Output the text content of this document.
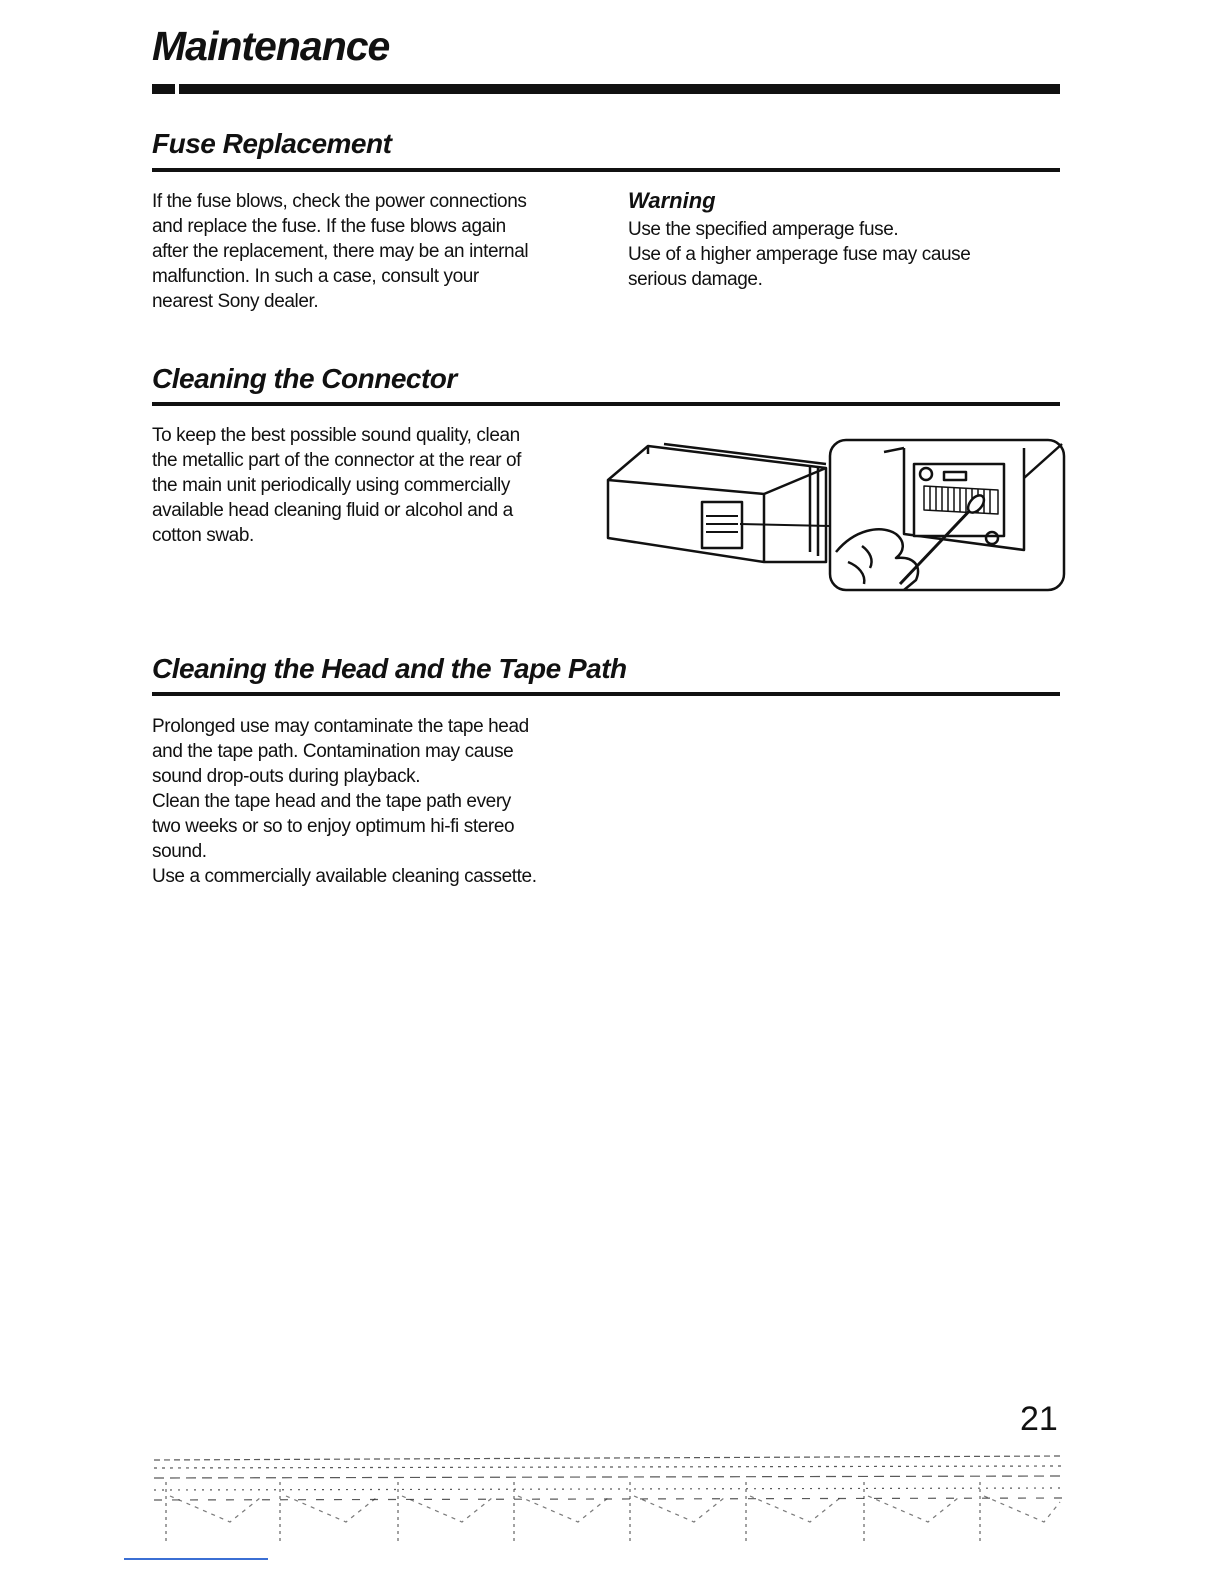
Maintenance
Fuse Replacement

If the fuse blows, check the power connections

and replace the fuse. If the fuse blows again

after the replacement, there may be an internal

malfunction. In such a case, consult your

nearest Sony dealer.

Warning

Use the specified amperage fuse.

Use of a higher amperage fuse may cause

serious damage.

Cleaning the Connector

To keep the best possible sound quality, clean

the metallic part of the connector at the rear of

the main unit periodically using commercially

available head cleaning fluid or alcohol and a

cotton swab.

Cleaning the Head and the Tape Path

Prolonged use may contaminate the tape head

and the tape path. Contamination may cause

sound drop-outs during playback.

Clean the tape head and the tape path every

two weeks or so to enjoy optimum hi-fi stereo

sound.

Use a commercially available cleaning cassette.

21
